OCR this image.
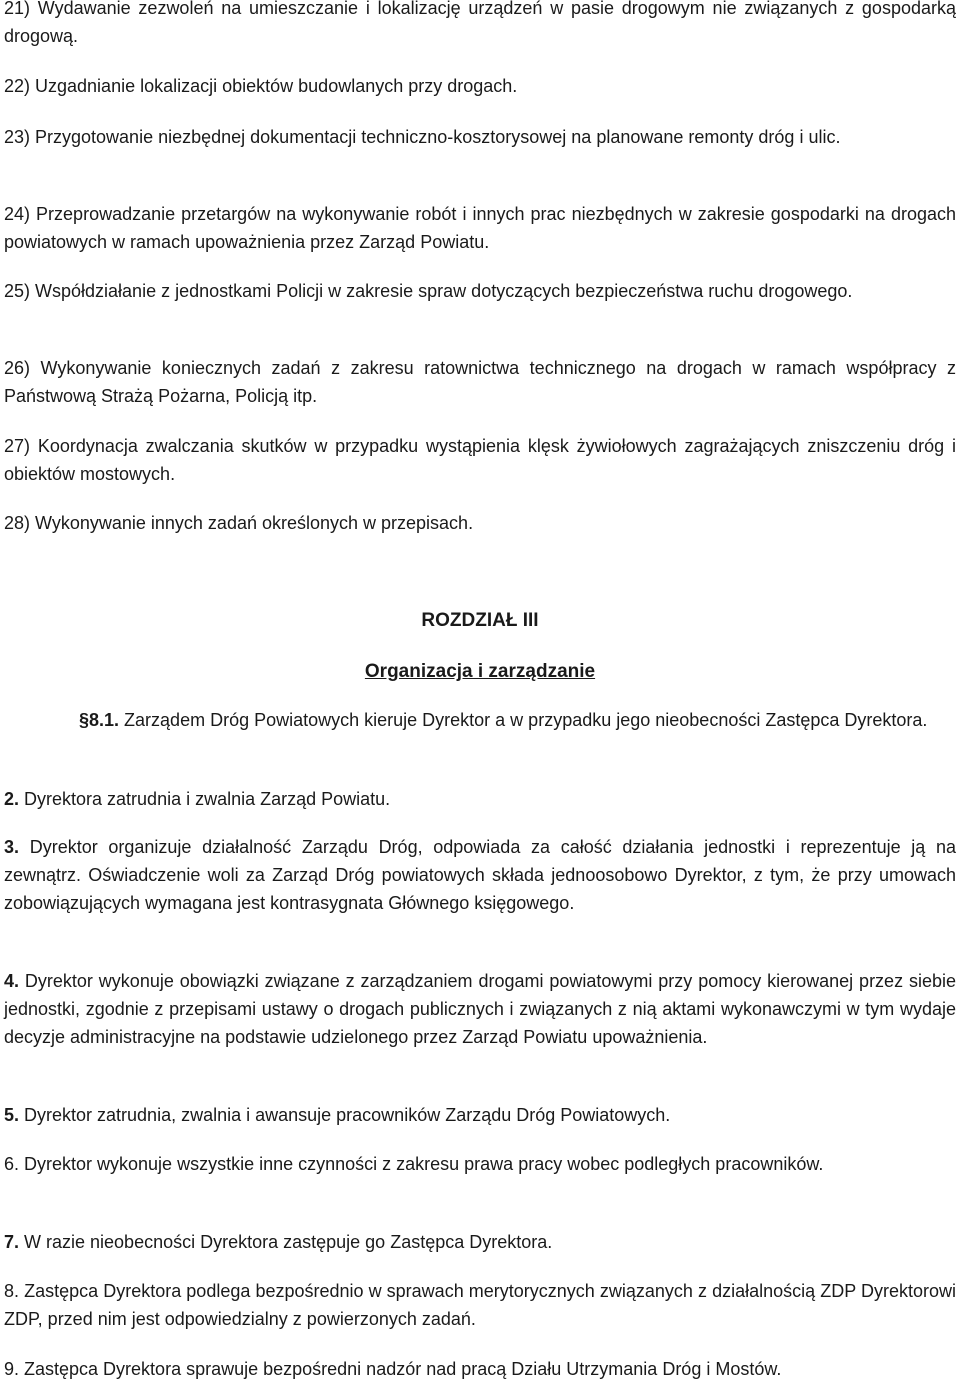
21) Wydawanie zezwoleń na umieszczanie i lokalizację urządzeń w pasie drogowym nie związanych z gospodarką drogową.

22) Uzgadnianie lokalizacji obiektów budowlanych przy drogach.

23) Przygotowanie niezbędnej dokumentacji techniczno-kosztorysowej na planowane remonty dróg i ulic.

24) Przeprowadzanie przetargów na wykonywanie robót i innych prac niezbędnych w zakresie gospodarki na drogach powiatowych w ramach upoważnienia przez Zarząd Powiatu.

25) Współdziałanie z jednostkami Policji w zakresie spraw dotyczących bezpieczeństwa ruchu drogowego.

26) Wykonywanie koniecznych zadań z zakresu ratownictwa technicznego na drogach w ramach współpracy z Państwową Strażą Pożarna, Policją itp.

27) Koordynacja zwalczania skutków w przypadku wystąpienia klęsk żywiołowych zagrażających zniszczeniu dróg i obiektów mostowych.

28) Wykonywanie innych zadań określonych w przepisach.

ROZDZIAŁ III
Organizacja i zarządzanie

§8.1. Zarządem Dróg Powiatowych kieruje Dyrektor a w przypadku jego nieobecności Zastępca Dyrektora.

2. Dyrektora zatrudnia i zwalnia Zarząd Powiatu.

3. Dyrektor organizuje działalność Zarządu Dróg, odpowiada za całość działania jednostki i reprezentuje ją na zewnątrz. Oświadczenie woli za Zarząd Dróg powiatowych składa jednoosobowo Dyrektor, z tym, że przy umowach zobowiązujących wymagana jest kontrasygnata Głównego księgowego.

4. Dyrektor wykonuje obowiązki związane z zarządzaniem drogami powiatowymi przy pomocy kierowanej przez siebie jednostki, zgodnie z przepisami ustawy o drogach publicznych i związanych z nią aktami wykonawczymi w tym wydaje decyzje administracyjne na podstawie udzielonego przez Zarząd Powiatu upoważnienia.

5. Dyrektor zatrudnia, zwalnia i awansuje pracowników Zarządu Dróg Powiatowych.

6. Dyrektor wykonuje wszystkie inne czynności z zakresu prawa pracy wobec podległych pracowników.

7. W razie nieobecności Dyrektora zastępuje go Zastępca Dyrektora.

8. Zastępca Dyrektora podlega bezpośrednio w sprawach merytorycznych związanych z działalnością ZDP Dyrektorowi ZDP, przed nim jest odpowiedzialny z powierzonych zadań.

9. Zastępca Dyrektora sprawuje bezpośredni nadzór nad pracą Działu Utrzymania Dróg i Mostów.
